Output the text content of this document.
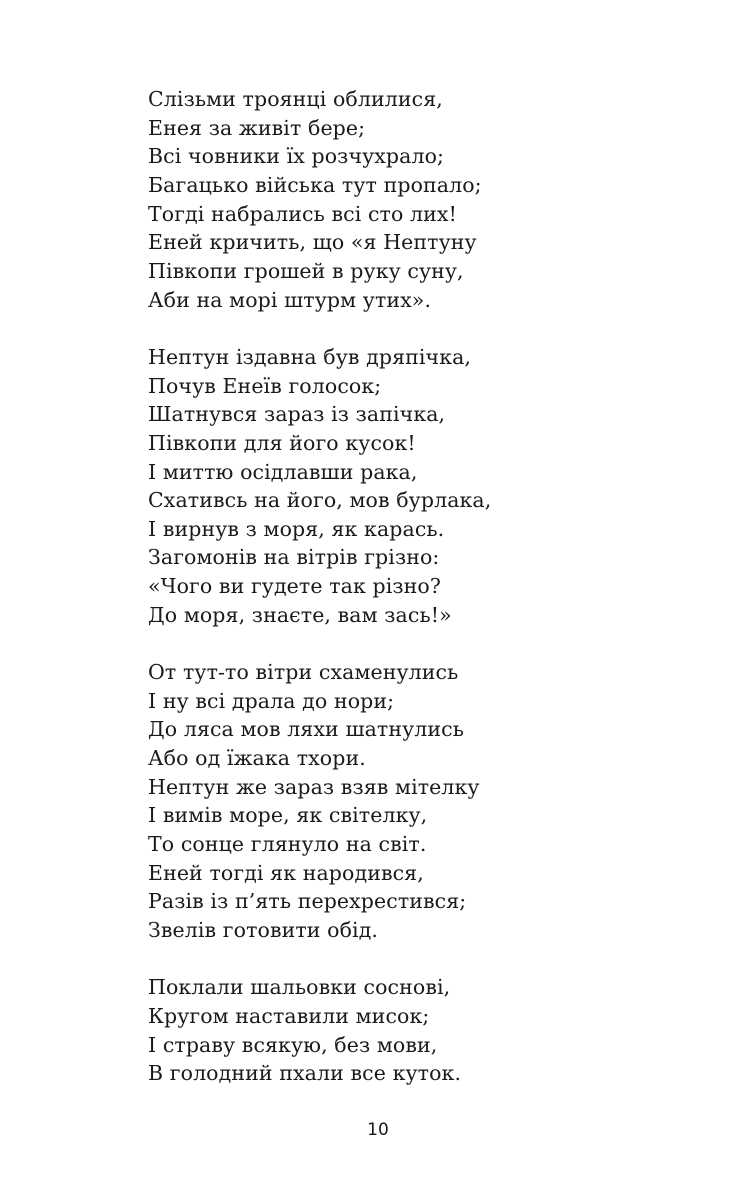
Слізьми троянці облилися,
Енея за живіт бере;
Всі човники їх розчухрало;
Багацько війська тут пропало;
Тогді набрались всі сто лих!
Еней кричить, що «я Нептуну
Півкопи грошей в руку суну,
Аби на морі штурм утих».
Нептун іздавна був дряпічка,
Почув Енеїв голосок;
Шатнувся зараз із запічка,
Півкопи для його кусок!
І миттю осідлавши рака,
Схативсь на його, мов бурлака,
І вирнув з моря, як карась.
Загомонів на вітрів грізно:
«Чого ви гудете так різно?
До моря, знаєте, вам зась!»
От тут-то вітри схаменулись
І ну всі драла до нори;
До ляса мов ляхи шатнулись
Або од їжака тхори.
Нептун же зараз взяв мітелку
І вимів море, як світелку,
То сонце глянуло на світ.
Еней тогді як народився,
Разів із п’ять перехрестився;
Звелів готовити обід.
Поклали шальовки соснові,
Кругом наставили мисок;
І страву всякую, без мови,
В голодний пхали все куток.
10
